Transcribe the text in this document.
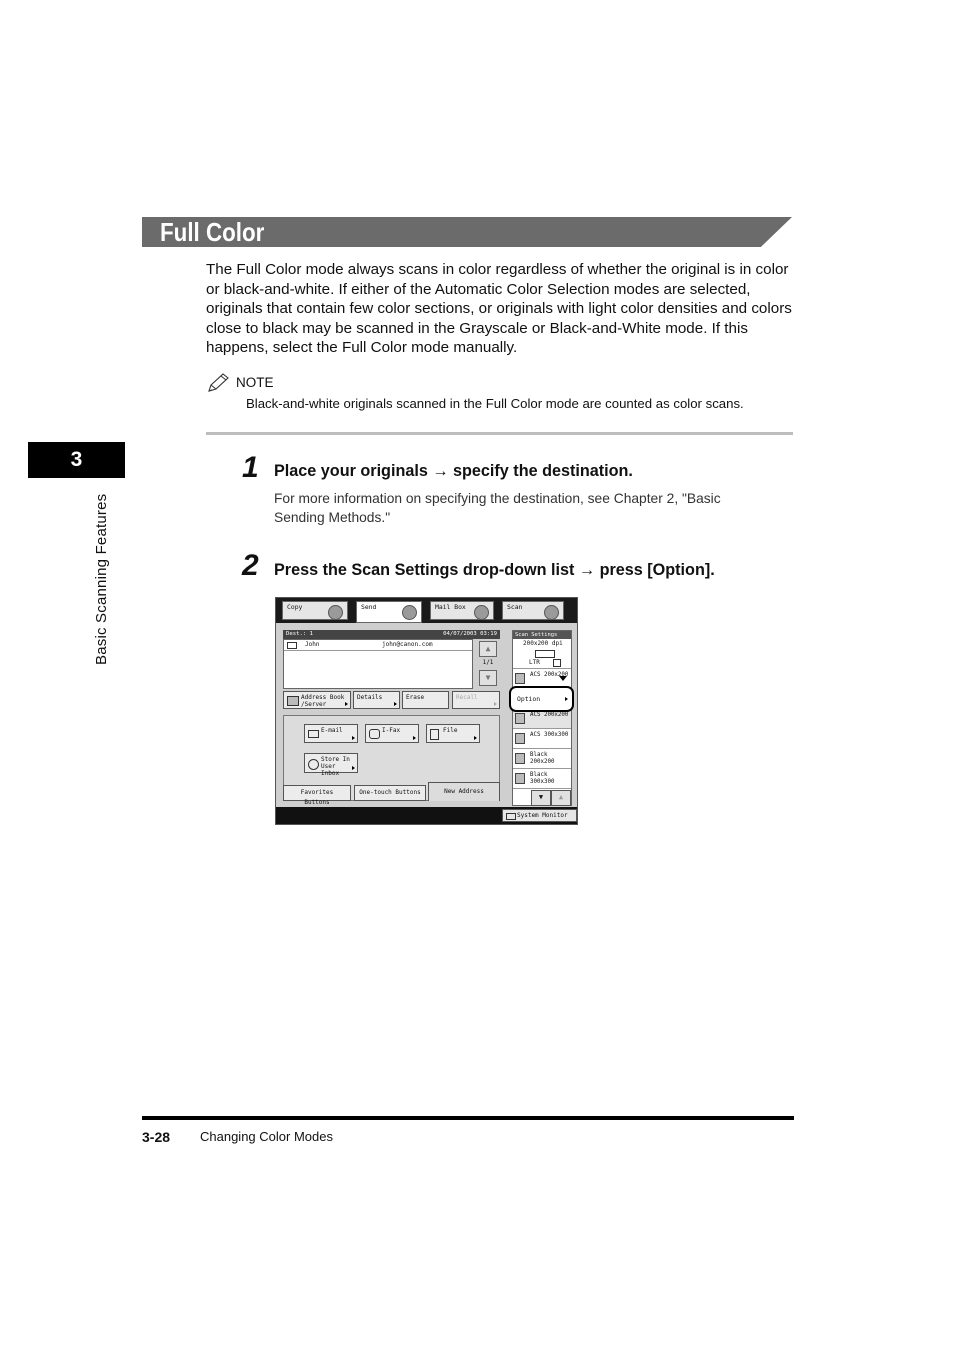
3
Basic Scanning Features
Full Color
The Full Color mode always scans in color regardless of whether the original is in color or black-and-white. If either of the Automatic Color Selection modes are selected, originals that contain few color sections, or originals with light color densities and colors close to black may be scanned in the Grayscale or Black-and-White mode. If this happens, select the Full Color mode manually.
NOTE
Black-and-white originals scanned in the Full Color mode are counted as color scans.
1 Place your originals → specify the destination.
For more information on specifying the destination, see Chapter 2, "Basic Sending Methods."
2 Press the Scan Settings drop-down list → press [Option].
Copy	Send	Mail Box	Scan
Dest.: 1	04/07/2003 03:19
John	john@canon.com	▲
1/1
▼
Address Book /Server
Details	Erase	Recall
E-mail	I-Fax	File
Store In User Inbox
Favorites Buttons
One-touch Buttons	New Address
Scan Settings
200x200 dpi
LTR
ACS 200x200
ACS 200x200
ACS 300x300
Black 200x200
Black 300x300
▼	▲
Option
System Monitor
3-28 Changing Color Modes
